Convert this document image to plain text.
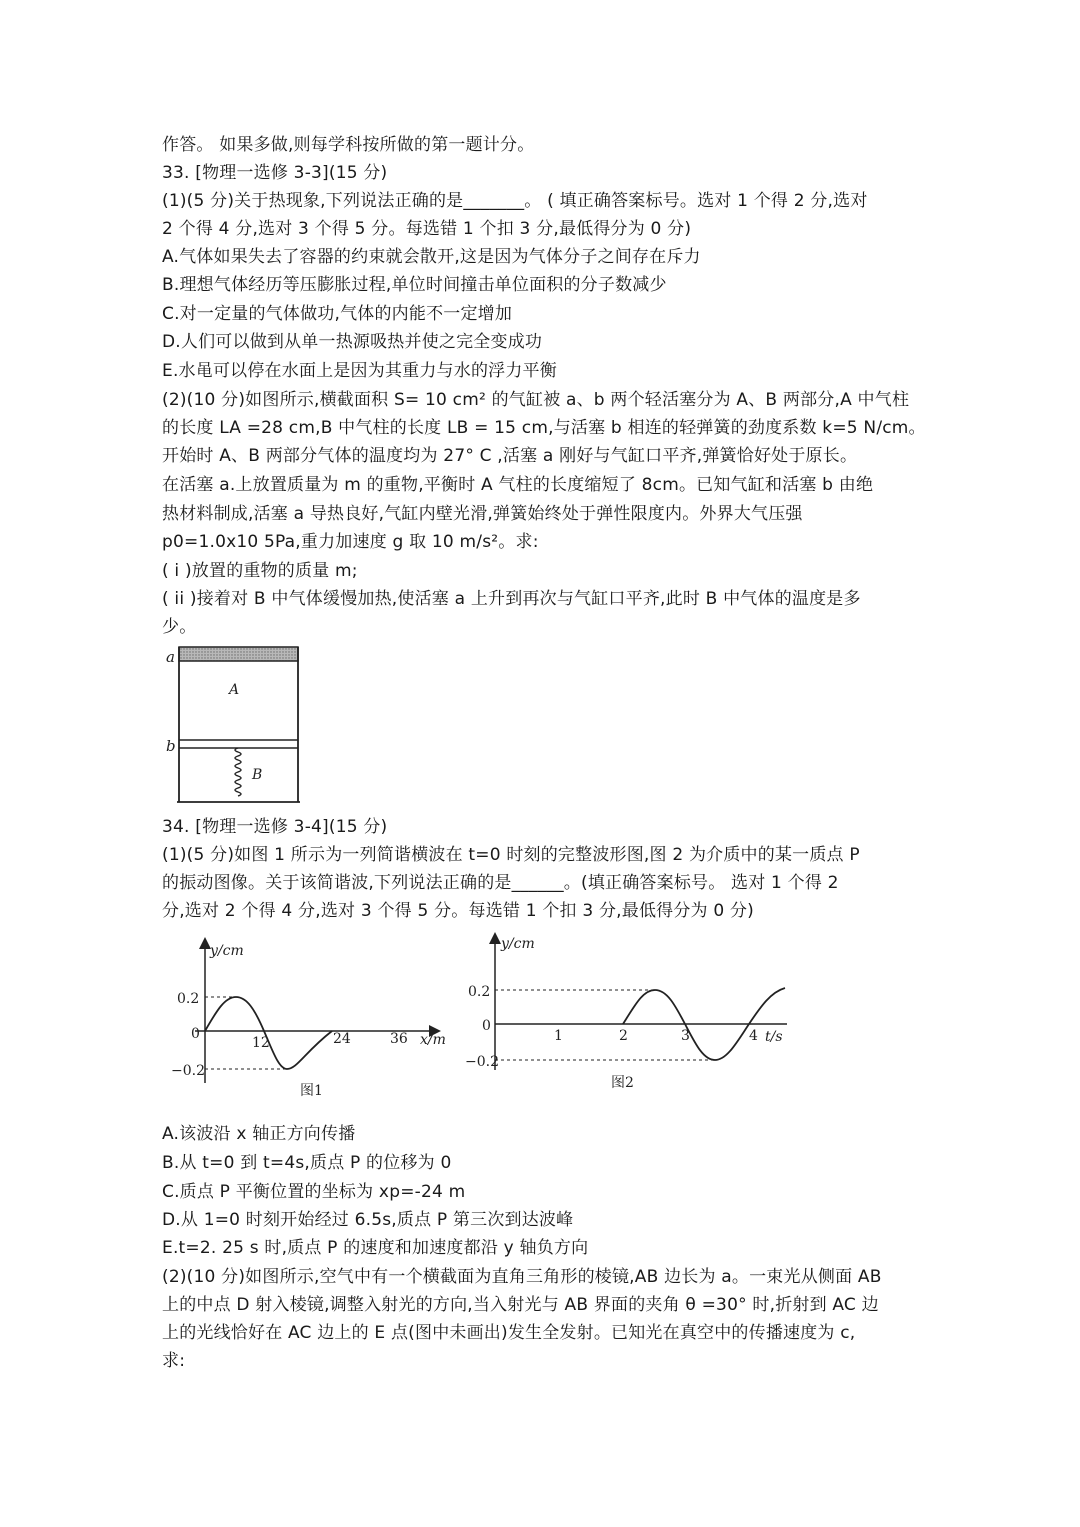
作答。 如果多做,则每学科按所做的第一题计分。
33. [物理一选修 3-3](15 分)
(1)(5 分)关于热现象,下列说法正确的是_______。 ( 填正确答案标号。选对 1 个得 2 分,选对
2 个得 4 分,选对 3 个得 5 分。每选错 1 个扣 3 分,最低得分为 0 分)
A.气体如果失去了容器的约束就会散开,这是因为气体分子之间存在斥力
B.理想气体经历等压膨胀过程,单位时间撞击单位面积的分子数减少
C.对一定量的气体做功,气体的内能不一定增加
D.人们可以做到从单一热源吸热并使之完全变成功
E.水黾可以停在水面上是因为其重力与水的浮力平衡
(2)(10 分)如图所示,横截面积 S= 10 cm² 的气缸被 a、b 两个轻活塞分为 A、B 两部分,A 中气柱
的长度 LA =28 cm,B 中气柱的长度 LB = 15 cm,与活塞 b 相连的轻弹簧的劲度系数 k=5 N/cm。
开始时 A、B 两部分气体的温度均为 27° C ,活塞 a 刚好与气缸口平齐,弹簧恰好处于原长。
在活塞 a.上放置质量为 m 的重物,平衡时 A 气柱的长度缩短了 8cm。已知气缸和活塞 b 由绝
热材料制成,活塞 a 导热良好,气缸内壁光滑,弹簧始终处于弹性限度内。外界大气压强
p0=1.0x10 5Pa,重力加速度 g 取 10 m/s²。求:
( i )放置的重物的质量 m;
( ii )接着对 B 中气体缓慢加热,使活塞 a 上升到再次与气缸口平齐,此时 B 中气体的温度是多
少。
a
b
A
B
34. [物理一选修 3-4](15 分)
(1)(5 分)如图 1 所示为一列简谐横波在 t=0 时刻的完整波形图,图 2 为介质中的某一质点 P
的振动图像。关于该简谐波,下列说法正确的是______。(填正确答案标号。 选对 1 个得 2
分,选对 2 个得 4 分,选对 3 个得 5 分。每选错 1 个扣 3 分,最低得分为 0 分)
y/cm
x/m
0.2
0
−0.2
12	24	36
图1
y/cm
t/s
0.2
0
−0.2
1	2	3	4
图2
A.该波沿 x 轴正方向传播
B.从 t=0 到 t=4s,质点 P 的位移为 0
C.质点 P 平衡位置的坐标为 xp=-24 m
D.从 1=0 时刻开始经过 6.5s,质点 P 第三次到达波峰
E.t=2. 25 s 时,质点 P 的速度和加速度都沿 y 轴负方向
(2)(10 分)如图所示,空气中有一个横截面为直角三角形的棱镜,AB 边长为 a。一束光从侧面 AB
上的中点 D 射入棱镜,调整入射光的方向,当入射光与 AB 界面的夹角 θ =30° 时,折射到 AC 边
上的光线恰好在 AC 边上的 E 点(图中未画出)发生全发射。已知光在真空中的传播速度为 c,
求:
